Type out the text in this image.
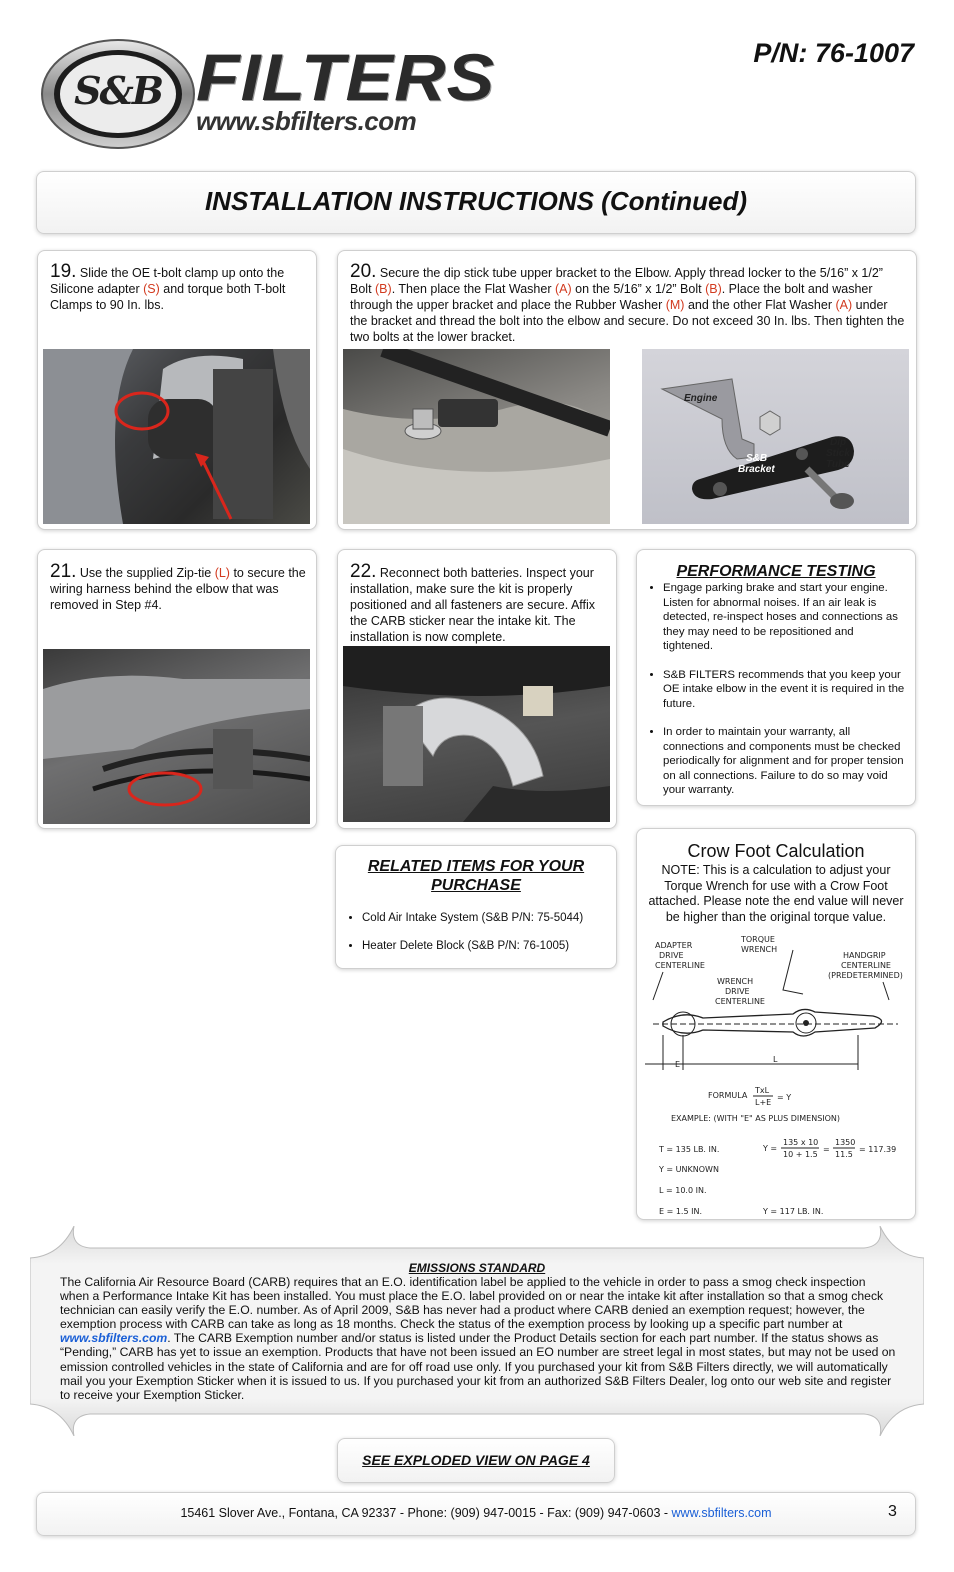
S&B FILTERS
www.sbfilters.com
P/N: 76-1007
INSTALLATION INSTRUCTIONS (Continued)
19. Slide the OE t-bolt clamp up onto the Silicone adapter (S) and torque both T-bolt Clamps to 90 In. lbs.
20. Secure the dip stick tube upper bracket to the Elbow. Apply thread locker to the 5/16” x 1/2” Bolt (B). Then place the Flat Washer (A) on the 5/16” x 1/2” Bolt (B). Place the bolt and washer through the upper bracket and place the Rubber Washer (M) and the other Flat Washer (A) under the bracket and thread the bolt into the elbow and secure. Do not exceed 30 In. lbs. Then tighten the two bolts at the lower bracket.
Engine
S&B
Bracket
Dip
Stick
Tube
21. Use the supplied Zip-tie (L) to secure the wiring harness behind the elbow that was removed in Step #4.
22. Reconnect both batteries. Inspect your installation, make sure the kit is properly positioned and all fasteners are secure. Affix the CARB sticker near the intake kit. The installation is now complete.
PERFORMANCE TESTING
• Engage parking brake and start your engine. Listen for abnormal noises. If an air leak is detected, re-inspect hoses and connections as they may need to be repositioned and tightened.
• S&B FILTERS recommends that you keep your OE intake elbow in the event it is required in the future.
• In order to maintain your warranty, all connections and components must be checked periodically for alignment and for proper tension on all connections. Failure to do so may void your warranty.
RELATED ITEMS FOR YOUR
PURCHASE
• Cold Air Intake System (S&B P/N: 75-5044)
• Heater Delete Block (S&B P/N: 76-1005)
Crow Foot Calculation
NOTE: This is a calculation to adjust your Torque Wrench for use with a Crow Foot attached. Please note the end value will never be higher than the original torque value.
ADAPTER
DRIVE
CENTERLINE
TORQUE
WRENCH
HANDGRIP
CENTERLINE
(PREDETERMINED)
WRENCH
DRIVE
CENTERLINE
E
L
FORMULA
TxL
L+E
= Y
EXAMPLE: (WITH "E" AS PLUS DIMENSION)
T = 135 LB. IN.	Y =
135 x 10
10 + 1.5
=
1350
11.5
= 117.39
Y = UNKNOWN
L = 10.0 IN.
E = 1.5 IN.	Y = 117 LB. IN.
EMISSIONS STANDARD
The California Air Resource Board (CARB) requires that an E.O. identification label be applied to the vehicle in order to pass a smog check inspection when a Performance Intake Kit has been installed. You must place the E.O. label provided on or near the intake kit after installation so that a smog check technician can easily verify the E.O. number. As of April 2009, S&B has never had a product where CARB denied an exemption request; however, the exemption process with CARB can take as long as 18 months. Check the status of the exemption process by looking up a specific part number at www.sbfilters.com. The CARB Exemption number and/or status is listed under the Product Details section for each part number. If the status shows as “Pending,” CARB has yet to issue an exemption. Products that have not been issued an EO number are street legal in most states, but may not be used on emission controlled vehicles in the state of California and are for off road use only. If you purchased your kit from S&B Filters directly, we will automatically mail you your Exemption Sticker when it is issued to us. If you purchased your kit from an authorized S&B Filters Dealer, log onto our web site and register to receive your Exemption Sticker.
SEE EXPLODED VIEW ON PAGE 4
15461 Slover Ave., Fontana, CA 92337 - Phone: (909) 947-0015 - Fax: (909) 947-0603 - www.sbfilters.com	3
